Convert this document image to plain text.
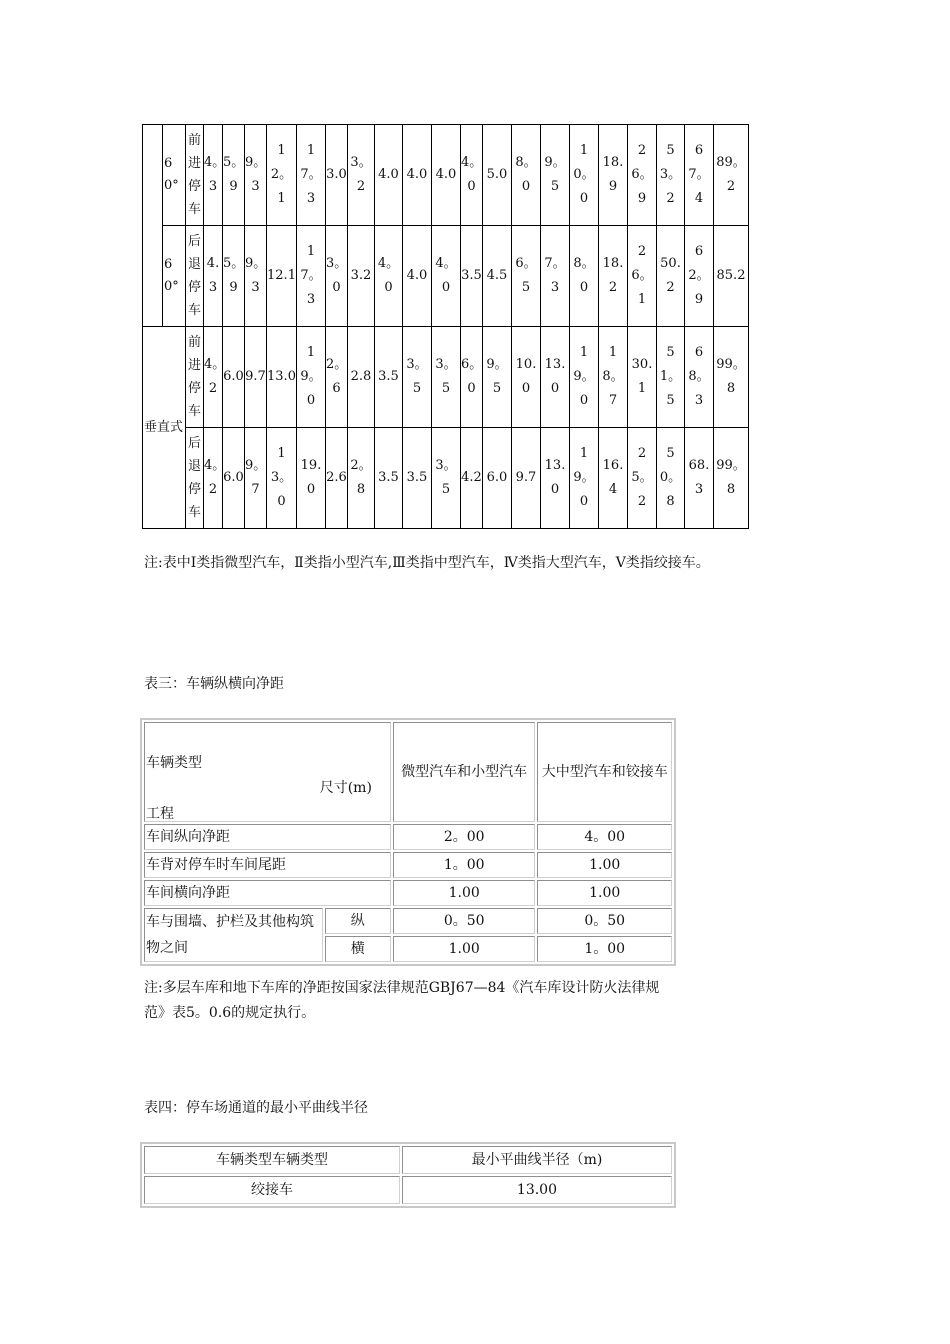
	60°	前进停车	4。3	5。9	9。3	12。1	17。3	3.0	3。2	4.0	4.0	4.0	4。0	5.0	8。0	9。5	10。0	18.9	26。9	53。2	67。4	89。2
	60°	后退停车	4.3	5。9	9。3	12.1	17。3	3。0	3.2	4。0	4.0	4。0	3.5	4.5	6。5	7。3	8。0	18.2	26。1	50.2	62。9	85.2
垂直式		前进停车	4。2	6.0	9.7	13.0	19。0	2。6	2.8	3.5	3。5	3。5	6。0	9。5	10.0	13.0	19。0	18。7	30.1	51。5	68。3	99。8
		后退停车	4。2	6.0	9。7	13。0	19.0	2.6	2。8	3.5	3.5	3。5	4.2	6.0	9.7	13.0	19。0	16.4	25。2	50。8	68.3	99。8
注:表中Ⅰ类指微型汽车，Ⅱ类指小型汽车,Ⅲ类指中型汽车，Ⅳ类指大型汽车，Ⅴ类指绞接车。
表三：车辆纵横向净距
车辆类型
尺寸(m)
工程		微型汽车和小型汽车	大中型汽车和铰接车
车间纵向净距		2。00	4。00
车背对停车时车间尾距		1。00	1.00
车间横向净距		1.00	1.00
车与围墙、护栏及其他构筑物之间	纵	0。50	0。50
	横	1.00	1。00
注:多层车库和地下车库的净距按国家法律规范GBJ67—84《汽车库设计防火法律规
范》表5。0.6的规定执行。
表四：停车场通道的最小平曲线半径
车辆类型车辆类型	最小平曲线半径（m)
绞接车	13.00
